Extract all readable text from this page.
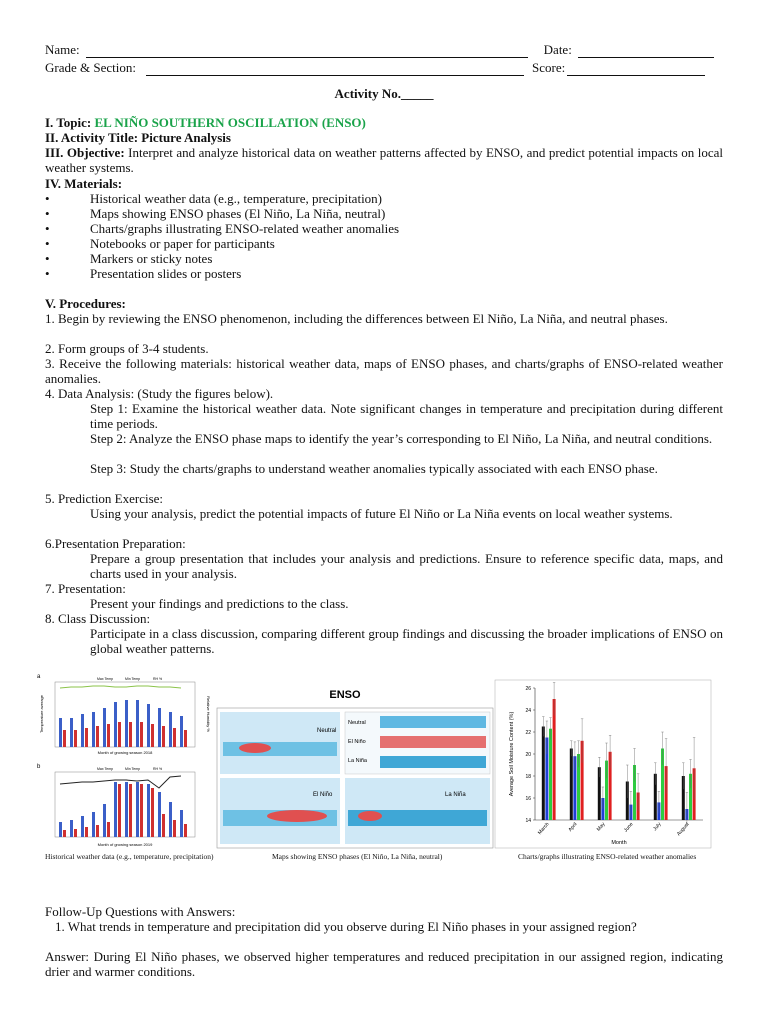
Name:	Date:
Grade & Section:	Score:
Activity No._____
I. Topic: EL NIÑO SOUTHERN OSCILLATION (ENSO)
II. Activity Title: Picture Analysis
III. Objective: Interpret and analyze historical data on weather patterns affected by ENSO, and predict potential impacts on local weather systems.
IV. Materials:
•	Historical weather data (e.g., temperature, precipitation)
•	Maps showing ENSO phases (El Niño, La Niña, neutral)
•	Charts/graphs illustrating ENSO-related weather anomalies
•	Notebooks or paper for participants
•	Markers or sticky notes
•	Presentation slides or posters
V. Procedures:
1. Begin by reviewing the ENSO phenomenon, including the differences between El Niño, La Niña, and neutral phases.
2. Form groups of 3-4 students.
3. Receive the following materials: historical weather data, maps of ENSO phases, and charts/graphs of ENSO-related weather anomalies.
4. Data Analysis: (Study the figures below).
Step 1: Examine the historical weather data. Note significant changes in temperature and precipitation during different time periods.
Step 2: Analyze the ENSO phase maps to identify the year’s corresponding to El Niño, La Niña, and neutral conditions.
Step 3: Study the charts/graphs to understand weather anomalies typically associated with each ENSO phase.
5. Prediction Exercise:
Using your analysis, predict the potential impacts of future El Niño or La Niña events on local weather systems.
6.Presentation Preparation:
Prepare a group presentation that includes your analysis and predictions. Ensure to reference specific data, maps, and charts used in your analysis.
7. Presentation:
Present your findings and predictions to the class.
8. Class Discussion:
Participate in a class discussion, comparing different group findings and discussing the broader implications of ENSO on global weather patterns.
a
Month of growing season 2018
Temperature average	Relative Humidity %
Max Temp	Min Temp	RH %
b
Month of growing season 2019
Max Temp	Min Temp	RH %
ENSO
Neutral
Neutral
El Niño
La Niña
El Niño	La Niña
14
16
18
20
22
24
26
Average Soil Moisture Content (%)
Month
March	April	May	June	July	August
Historical weather data (e.g., temperature, precipitation)	Maps showing ENSO phases (El Niño, La Niña, neutral)	Charts/graphs illustrating ENSO-related weather anomalies
Follow-Up Questions with Answers:
1. What trends in temperature and precipitation did you observe during El Niño phases in your assigned region?
Answer: During El Niño phases, we observed higher temperatures and reduced precipitation in our assigned region, indicating drier and warmer conditions.
